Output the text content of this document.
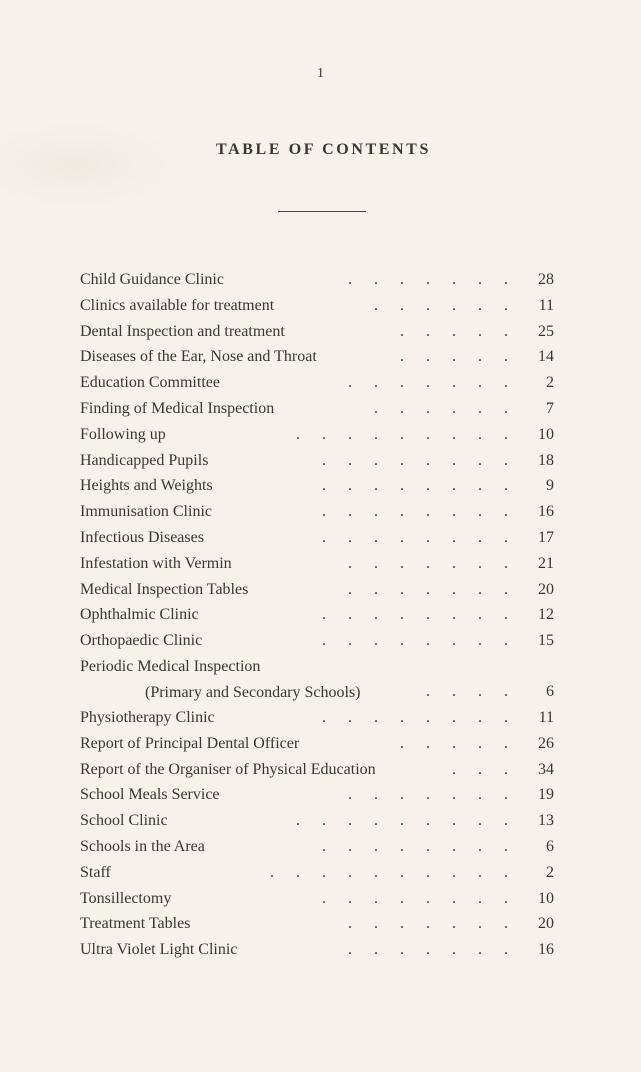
1
TABLE OF CONTENTS
Child Guidance Clinic	....... 28
Clinics available for treatment	...... 11
Dental Inspection and treatment	..... 25
Diseases of the Ear, Nose and Throat	..... 14
Education Committee	....... 2
Finding of Medical Inspection	...... 7
Following up	......... 10
Handicapped Pupils	........ 18
Heights and Weights	........ 9
Immunisation Clinic	........ 16
Infectious Diseases	........ 17
Infestation with Vermin	....... 21
Medical Inspection Tables	....... 20
Ophthalmic Clinic	........ 12
Orthopaedic Clinic	........ 15
Periodic Medical Inspection
(Primary and Secondary Schools)	.... 6
Physiotherapy Clinic	........ 11
Report of Principal Dental Officer	..... 26
Report of the Organiser of Physical Education	... 34
School Meals Service	....... 19
School Clinic	......... 13
Schools in the Area	........ 6
Staff	.......... 2
Tonsillectomy	........ 10
Treatment Tables	....... 20
Ultra Violet Light Clinic	....... 16
